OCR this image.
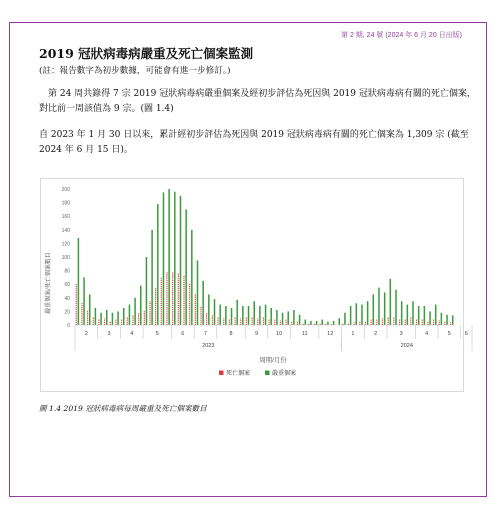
第 2 期, 24 號 (2024 年 6 月 20 日出版)
2019 冠狀病毒病嚴重及死亡個案監測
(註：報告數字為初步數據，可能會有進一步修訂。)

第 24 周共錄得 7 宗 2019 冠狀病毒病嚴重個案及經初步評估為死因與 2019 冠狀病毒病有關的死亡個案，對比前一周該值為 9 宗。(圖 1.4)

自 2023 年 1 月 30 日以來，累計經初步評估為死因與 2019 冠狀病毒病有關的死亡個案為 1,309 宗 (截至 2024 年 6 月 15 日)。

0
20
40
60
80
100
120
140
160
180
200
2	3	4	5	6	7	8	9	10	11	12	1	2	3	4	5	6
2023	2024
嚴重個案/死亡個案數目
周期/月份
死亡個案	嚴重個案
圖 1.4 2019 冠狀病毒病每周嚴重及死亡個案數目
